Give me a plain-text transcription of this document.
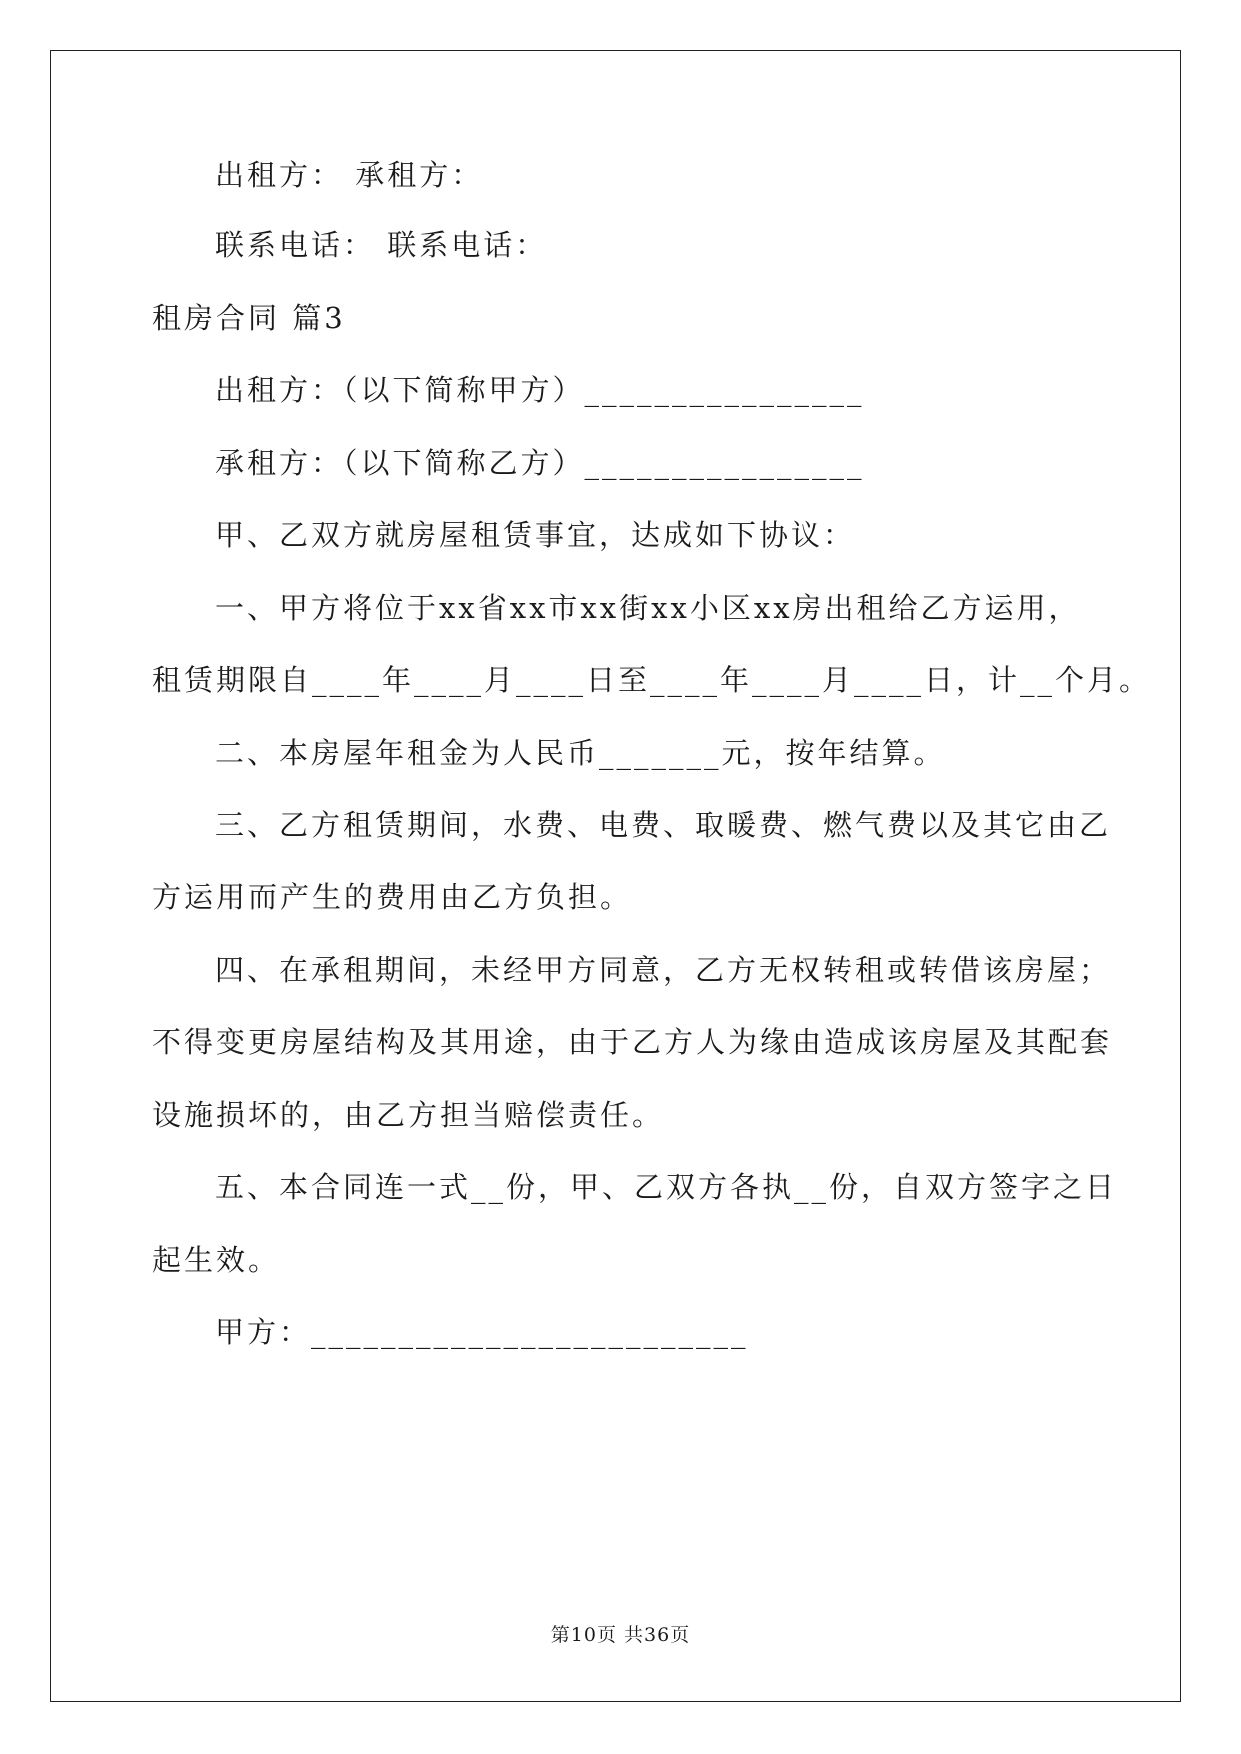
出租方： 承租方：
联系电话： 联系电话：
租房合同 篇3
出租方：（以下简称甲方）________________
承租方：（以下简称乙方）________________
甲、乙双方就房屋租赁事宜，达成如下协议：
一、甲方将位于xx省xx市xx街xx小区xx房出租给乙方运用，
租赁期限自____年____月____日至____年____月____日，计__个月。
二、本房屋年租金为人民币_______元，按年结算。
三、乙方租赁期间，水费、电费、取暖费、燃气费以及其它由乙
方运用而产生的费用由乙方负担。
四、在承租期间，未经甲方同意，乙方无权转租或转借该房屋；
不得变更房屋结构及其用途，由于乙方人为缘由造成该房屋及其配套
设施损坏的，由乙方担当赔偿责任。
五、本合同连一式__份，甲、乙双方各执__份，自双方签字之日
起生效。
甲方：_________________________
第10页 共36页
